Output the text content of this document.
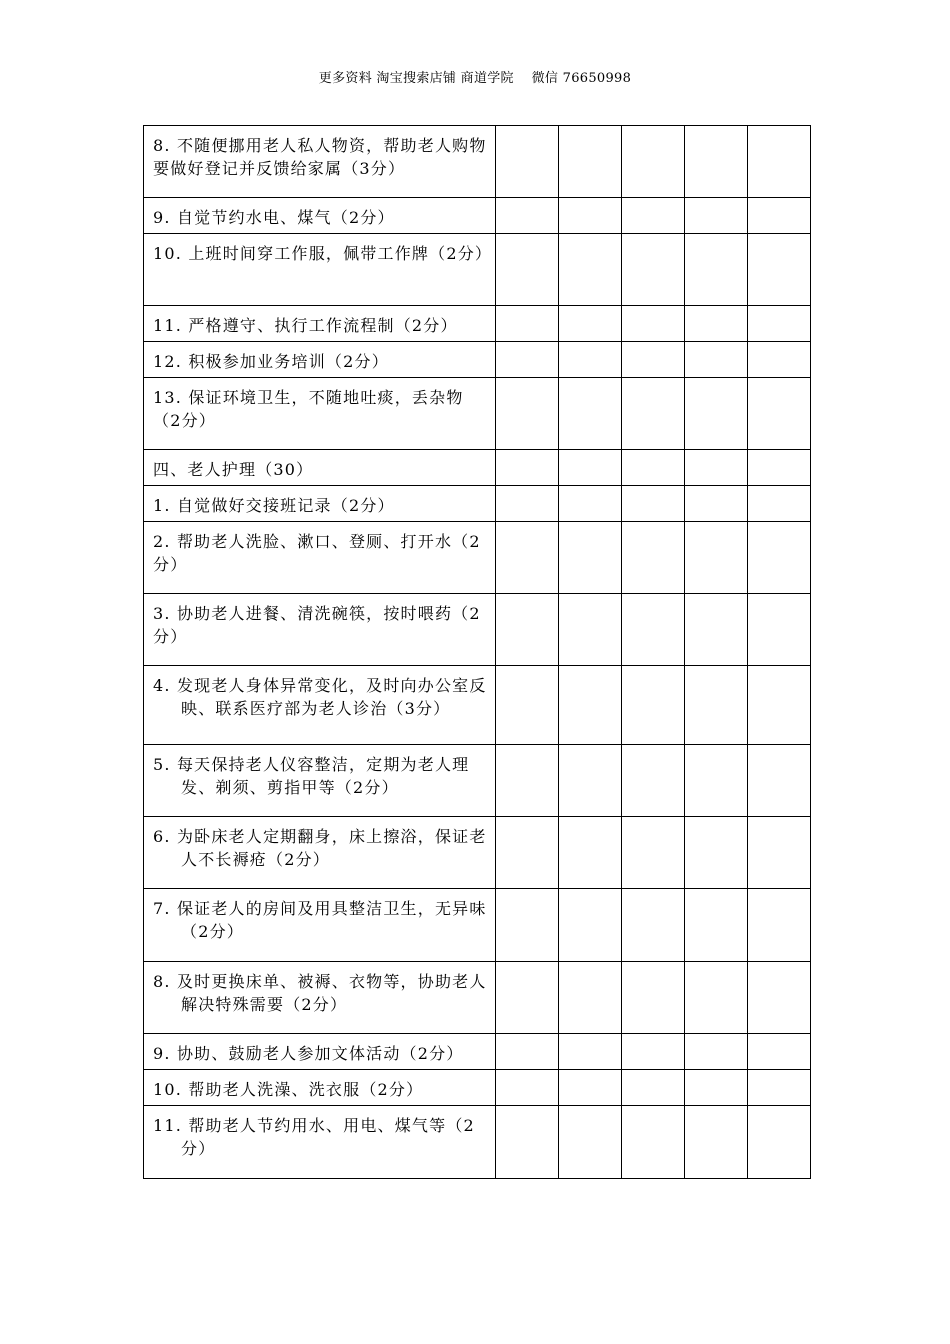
更多资料 淘宝搜索店铺 商道学院　 微信 76650998
8. 不随便挪用老人私人物资，帮助老人购物要做好登记并反馈给家属（3分）					
9. 自觉节约水电、煤气（2分）					
10. 上班时间穿工作服，佩带工作牌（2分）					
11. 严格遵守、执行工作流程制（2分）					
12. 积极参加业务培训（2分）					
13. 保证环境卫生，不随地吐痰，丢杂物（2分）					
四、老人护理（30）					
1. 自觉做好交接班记录（2分）					
2. 帮助老人洗脸、漱口、登厕、打开水（2分）					
3. 协助老人进餐、清洗碗筷，按时喂药（2分）					
4. 发现老人身体异常变化，及时向办公室反映、联系医疗部为老人诊治（3分）					
5. 每天保持老人仪容整洁，定期为老人理发、剃须、剪指甲等（2分）					
6. 为卧床老人定期翻身，床上擦浴，保证老人不长褥疮（2分）					
7. 保证老人的房间及用具整洁卫生，无异味（2分）					
8. 及时更换床单、被褥、衣物等，协助老人解决特殊需要（2分）					
9. 协助、鼓励老人参加文体活动（2分）					
10. 帮助老人洗澡、洗衣服（2分）					
11. 帮助老人节约用水、用电、煤气等（2分）					
